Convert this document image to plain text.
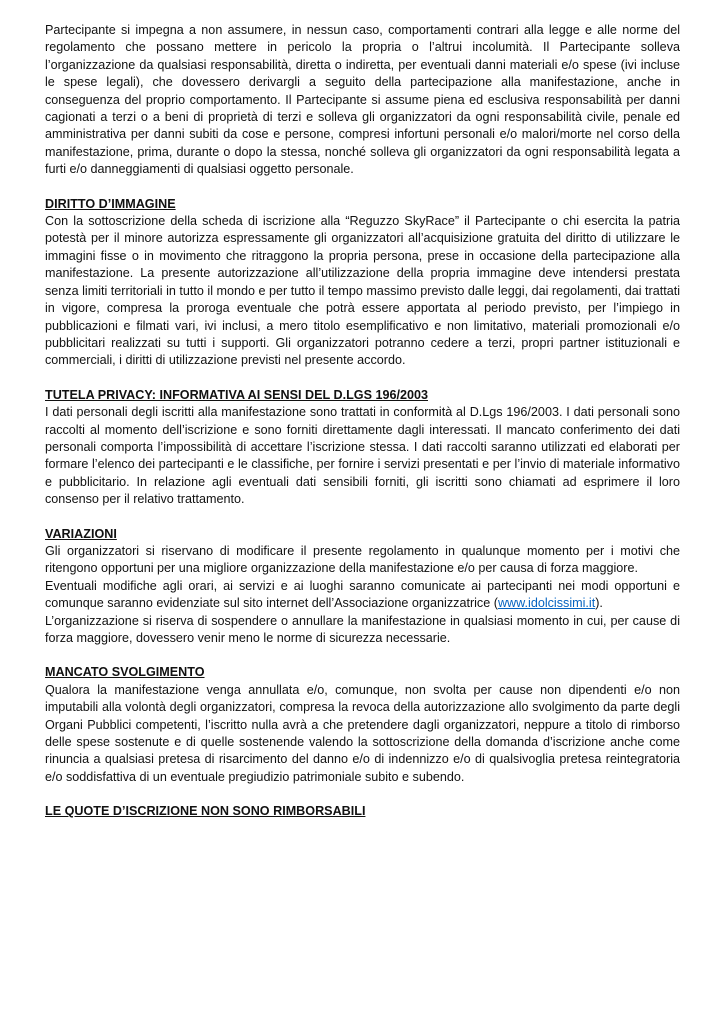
Partecipante si impegna a non assumere, in nessun caso, comportamenti contrari alla legge e alle norme del regolamento che possano mettere in pericolo la propria o l’altrui incolumità. Il Partecipante solleva l’organizzazione da qualsiasi responsabilità, diretta o indiretta, per eventuali danni materiali e/o spese (ivi incluse le spese legali), che dovessero derivargli a seguito della partecipazione alla manifestazione, anche in conseguenza del proprio comportamento. Il Partecipante si assume piena ed esclusiva responsabilità per danni cagionati a terzi o a beni di proprietà di terzi e solleva gli organizzatori da ogni responsabilità civile, penale ed amministrativa per danni subiti da cose e persone, compresi infortuni personali e/o malori/morte nel corso della manifestazione, prima, durante o dopo la stessa, nonché solleva gli organizzatori da ogni responsabilità legata a furti e/o danneggiamenti di qualsiasi oggetto personale.

DIRITTO D’IMMAGINE

Con la sottoscrizione della scheda di iscrizione alla “Reguzzo SkyRace” il Partecipante o chi esercita la patria potestà per il minore autorizza espressamente gli organizzatori all’acquisizione gratuita del diritto di utilizzare le immagini fisse o in movimento che ritraggono la propria persona, prese in occasione della partecipazione alla manifestazione. La presente autorizzazione all’utilizzazione della propria immagine deve intendersi prestata senza limiti territoriali in tutto il mondo e per tutto il tempo massimo previsto dalle leggi, dai regolamenti, dai trattati in vigore, compresa la proroga eventuale che potrà essere apportata al periodo previsto, per l’impiego in pubblicazioni e filmati vari, ivi inclusi, a mero titolo esemplificativo e non limitativo, materiali promozionali e/o pubblicitari realizzati su tutti i supporti. Gli organizzatori potranno cedere a terzi, propri partner istituzionali e commerciali, i diritti di utilizzazione previsti nel presente accordo.

TUTELA PRIVACY: INFORMATIVA AI SENSI DEL D.LGS 196/2003

I dati personali degli iscritti alla manifestazione sono trattati in conformità al D.Lgs 196/2003. I dati personali sono raccolti al momento dell’iscrizione e sono forniti direttamente dagli interessati. Il mancato conferimento dei dati personali comporta l’impossibilità di accettare l’iscrizione stessa. I dati raccolti saranno utilizzati ed elaborati per formare l’elenco dei partecipanti e le classifiche, per fornire i servizi presentati e per l’invio di materiale informativo e pubblicitario. In relazione agli eventuali dati sensibili forniti, gli iscritti sono chiamati ad esprimere il loro consenso per il relativo trattamento.

VARIAZIONI

Gli organizzatori si riservano di modificare il presente regolamento in qualunque momento per i motivi che ritengono opportuni per una migliore organizzazione della manifestazione e/o per causa di forza maggiore.

Eventuali modifiche agli orari, ai servizi e ai luoghi saranno comunicate ai partecipanti nei modi opportuni e comunque saranno evidenziate sul sito internet dell’Associazione organizzatrice (www.idolcissimi.it).

L’organizzazione si riserva di sospendere o annullare la manifestazione in qualsiasi momento in cui, per cause di forza maggiore, dovessero venir meno le norme di sicurezza necessarie.

MANCATO SVOLGIMENTO

Qualora la manifestazione venga annullata e/o, comunque, non svolta per cause non dipendenti e/o non imputabili alla volontà degli organizzatori, compresa la revoca della autorizzazione allo svolgimento da parte degli Organi Pubblici competenti, l’iscritto nulla avrà a che pretendere dagli organizzatori, neppure a titolo di rimborso delle spese sostenute e di quelle sostenende valendo la sottoscrizione della domanda d’iscrizione anche come rinuncia a qualsiasi pretesa di risarcimento del danno e/o di indennizzo e/o di qualsivoglia pretesa reintegratoria e/o soddisfattiva di un eventuale pregiudizio patrimoniale subito e subendo.

LE QUOTE D’ISCRIZIONE NON SONO RIMBORSABILI
